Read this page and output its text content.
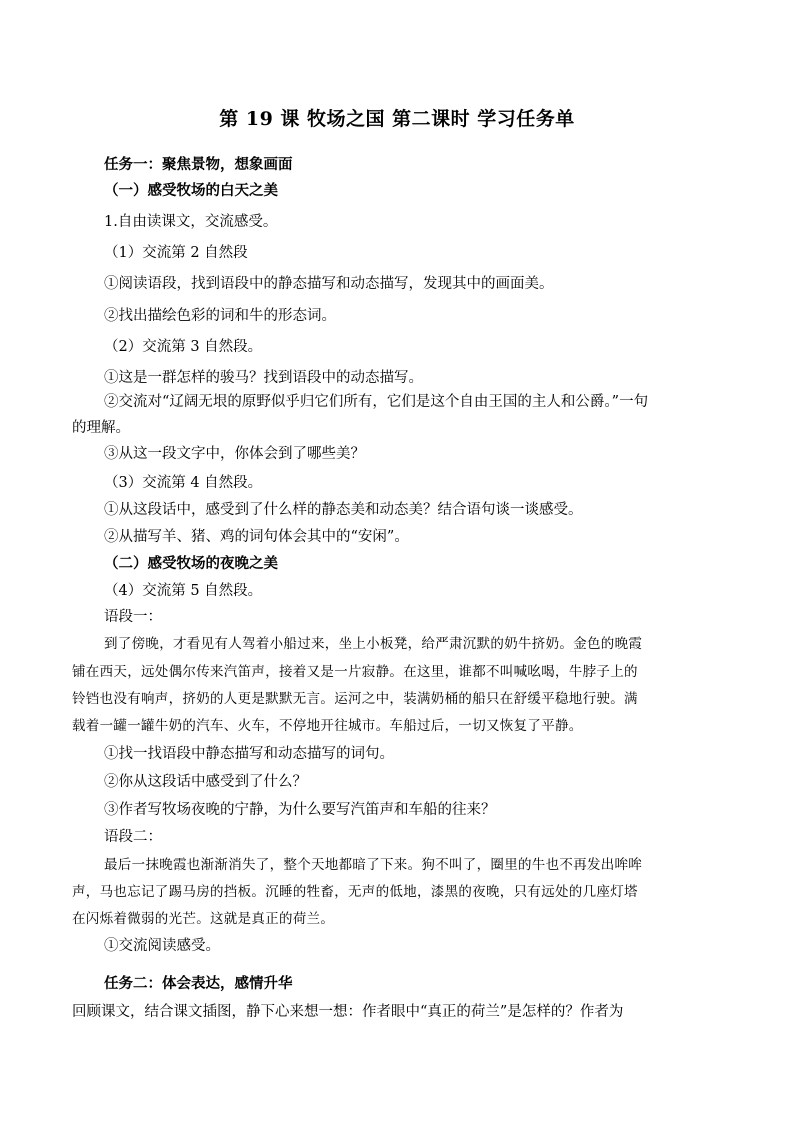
第 19 课 牧场之国 第二课时 学习任务单
任务一：聚焦景物，想象画面
（一）感受牧场的白天之美
1.自由读课文，交流感受。
（1）交流第 2 自然段
①阅读语段，找到语段中的静态描写和动态描写，发现其中的画面美。
②找出描绘色彩的词和牛的形态词。
（2）交流第 3 自然段。
①这是一群怎样的骏马？找到语段中的动态描写。
②交流对“辽阔无垠的原野似乎归它们所有，它们是这个自由王国的主人和公爵。”一句
的理解。
③从这一段文字中，你体会到了哪些美？
（3）交流第 4 自然段。
①从这段话中，感受到了什么样的静态美和动态美？结合语句谈一谈感受。
②从描写羊、猪、鸡的词句体会其中的“安闲”。
（二）感受牧场的夜晚之美
（4）交流第 5 自然段。
语段一：
到了傍晚，才看见有人驾着小船过来，坐上小板凳，给严肃沉默的奶牛挤奶。金色的晚霞
铺在西天，远处偶尔传来汽笛声，接着又是一片寂静。在这里，谁都不叫喊吆喝，牛脖子上的
铃铛也没有响声，挤奶的人更是默默无言。运河之中，装满奶桶的船只在舒缓平稳地行驶。满
载着一罐一罐牛奶的汽车、火车，不停地开往城市。车船过后，一切又恢复了平静。
①找一找语段中静态描写和动态描写的词句。
②你从这段话中感受到了什么？
③作者写牧场夜晚的宁静，为什么要写汽笛声和车船的往来？
语段二：
最后一抹晚霞也渐渐消失了，整个天地都暗了下来。狗不叫了，圈里的牛也不再发出哞哞
声，马也忘记了踢马房的挡板。沉睡的牲畜，无声的低地，漆黑的夜晚，只有远处的几座灯塔
在闪烁着微弱的光芒。这就是真正的荷兰。
①交流阅读感受。
任务二：体会表达，感情升华
回顾课文，结合课文插图，静下心来想一想：作者眼中“真正的荷兰”是怎样的？作者为
